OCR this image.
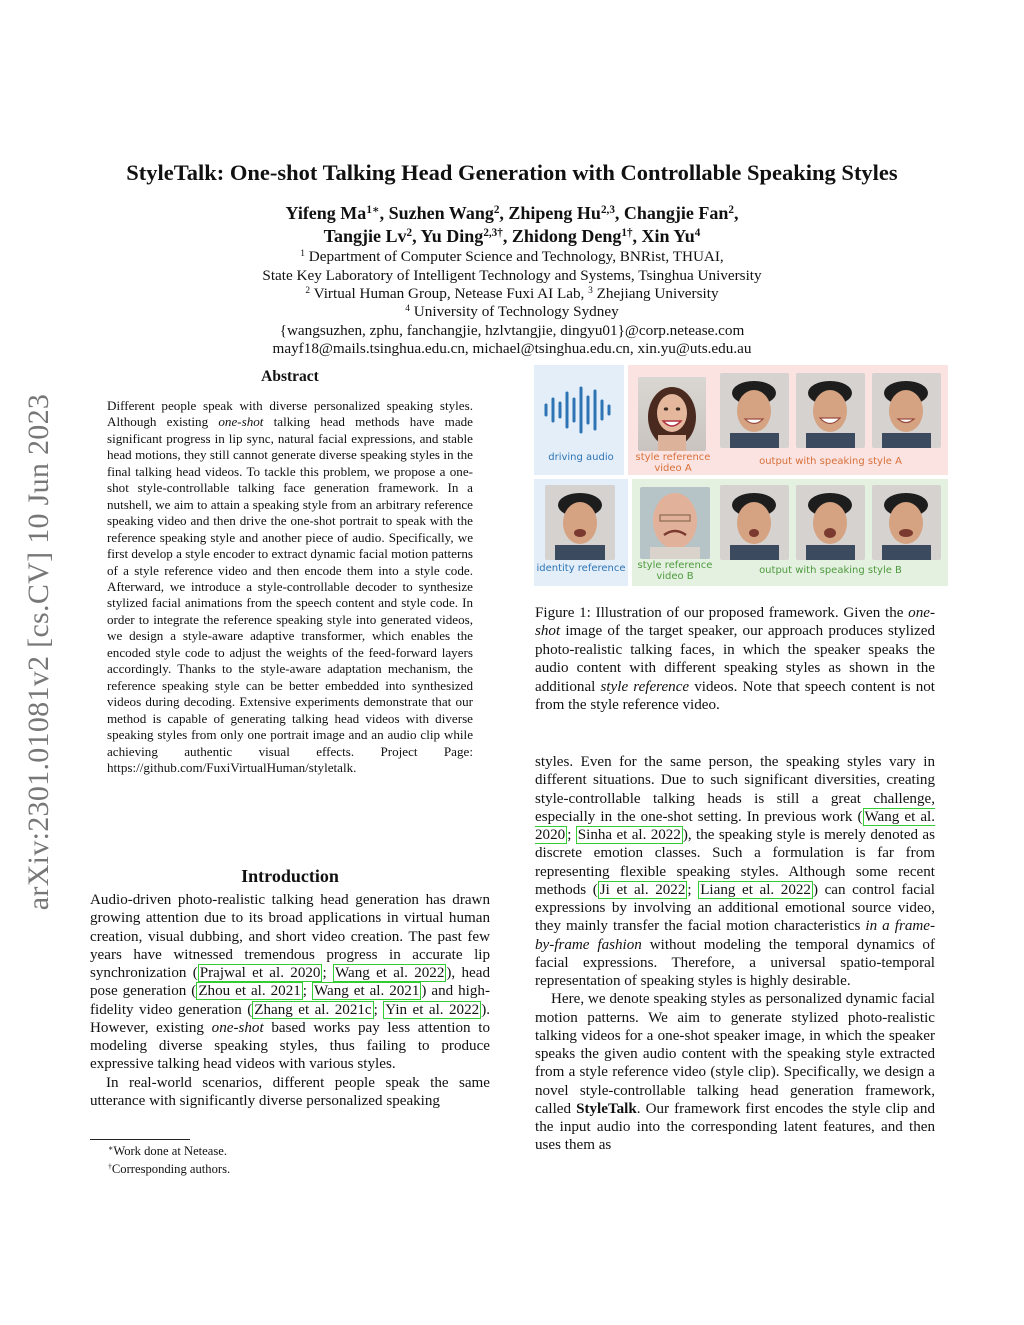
arXiv:2301.01081v2 [cs.CV] 10 Jun 2023
StyleTalk: One-shot Talking Head Generation with Controllable Speaking Styles
Yifeng $Ma^{1∗}$, Suzhen Wang$^2$, Zhipeng Hu$^{2,3}$, Changjie Fan$^2$,
Tangjie Lv$^2$, Yu Ding$^{2,3\dagger}$, Zhidong Deng$^{1\dagger}$, Xin Yu$^4$
$^1$ Department of Computer Science and Technology, BNRist, THUAI,
State Key Laboratory of Intelligent Technology and Systems, Tsinghua University
$^2$ Virtual Human Group, Netease Fuxi AI Lab, $^3$ Zhejiang University
$^4$ University of Technology Sydney
{wangsuzhen, zphu, fanchangjie, hzlvtangjie, dingyu01}@corp.netease.com
mayf18@mails.tsinghua.edu.cn, michael@tsinghua.edu.cn, xin.yu@uts.edu.au
Abstract
Different people speak with diverse personalized speaking styles. Although existing one-shot talking head methods have made significant progress in lip sync, natural facial expressions, and stable head motions, they still cannot generate diverse speaking styles in the final talking head videos. To tackle this problem, we propose a one-shot style-controllable talking face generation framework. In a nutshell, we aim to attain a speaking style from an arbitrary reference speaking video and then drive the one-shot portrait to speak with the reference speaking style and another piece of audio. Specifically, we first develop a style encoder to extract dynamic facial motion patterns of a style reference video and then encode them into a style code. Afterward, we introduce a style-controllable decoder to synthesize stylized facial animations from the speech content and style code. In order to integrate the reference speaking style into generated videos, we design a style-aware adaptive transformer, which enables the encoded style code to adjust the weights of the feed-forward layers accordingly. Thanks to the style-aware adaptation mechanism, the reference speaking style can be better embedded into synthesized videos during decoding. Extensive experiments demonstrate that our method is capable of generating talking head videos with diverse speaking styles from only one portrait image and an audio clip while achieving authentic visual effects. Project Page: https://github.com/FuxiVirtualHuman/styletalk.
Introduction

Audio-driven photo-realistic talking head generation has drawn growing attention due to its broad applications in virtual human creation, visual dubbing, and short video creation. The past few years have witnessed tremendous progress in accurate lip synchronization ( Prajwal et al. 2020 ; Wang et al. 2022 ), head pose generation ( Zhou et al. 2021 ; Wang et al. 2021 ) and high-fidelity video generation ( Zhang et al. 2021c ; Yin et al. 2022 ). However, existing one-shot based works pay less attention to modeling diverse speaking styles, thus failing to produce expressive talking head videos with various styles.

In real-world scenarios, different people speak the same utterance with significantly diverse personalized speaking

∗Work done at Netease.
†Corresponding authors.
driving audio	style reference
video A
output with speaking style A
identity reference	style reference
video B
output with speaking style B
Figure 1: Illustration of our proposed framework. Given the one-shot image of the target speaker, our approach produces stylized photo-realistic talking faces, in which the speaker speaks the audio content with different speaking styles as shown in the additional style reference videos. Note that speech content is not from the style reference video.

styles. Even for the same person, the speaking styles vary in different situations. Due to such significant diversities, creating style-controllable talking heads is still a great challenge, especially in the one-shot setting. In previous work ( Wang et al. 2020 ; Sinha et al. 2022 ), the speaking style is merely denoted as discrete emotion classes. Such a formulation is far from representing flexible speaking styles. Although some recent methods ( Ji et al. 2022 ; Liang et al. 2022 ) can control facial expressions by involving an additional emotional source video, they mainly transfer the facial motion characteristics in a frame-by-frame fashion without modeling the temporal dynamics of facial expressions. Therefore, a universal spatio-temporal representation of speaking styles is highly desirable.

Here, we denote speaking styles as personalized dynamic facial motion patterns. We aim to generate stylized photo-realistic talking videos for a one-shot speaker image, in which the speaker speaks the given audio content with the speaking style extracted from a style reference video (style clip). Specifically, we design a novel style-controllable talking head generation framework, called StyleTalk. Our framework first encodes the style clip and the input audio into the corresponding latent features, and then uses them as
